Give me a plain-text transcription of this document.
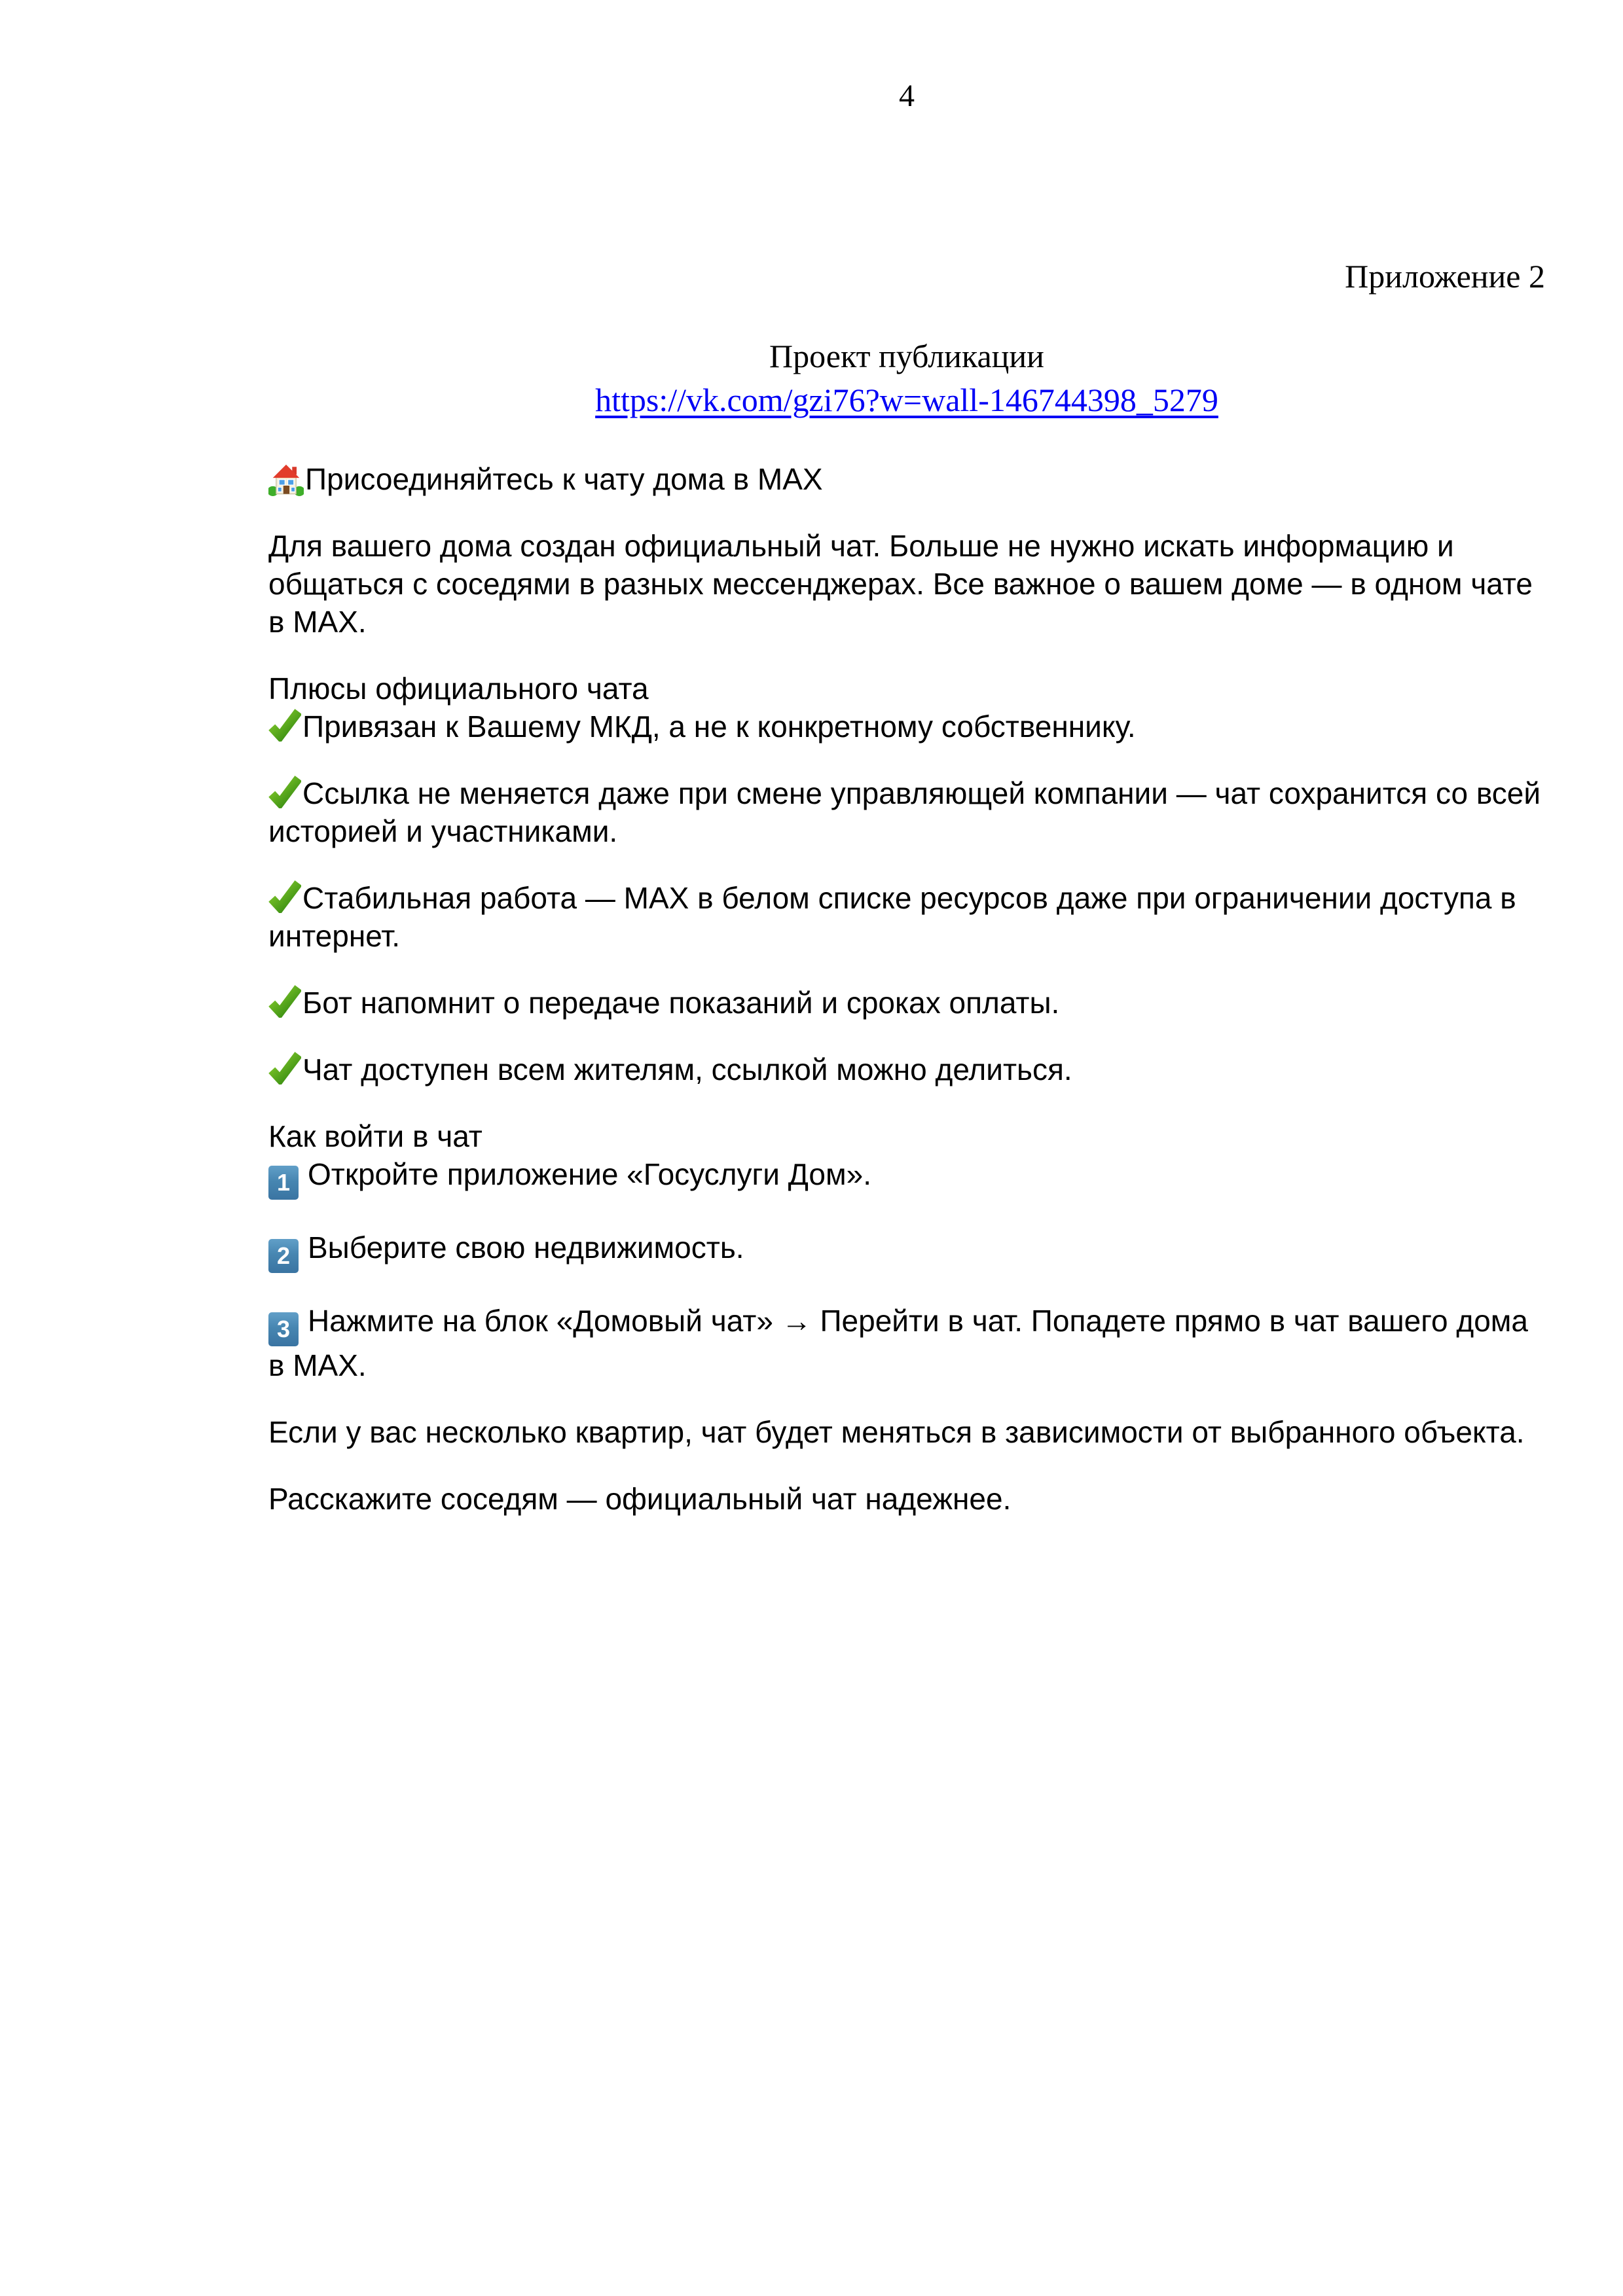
4
Приложение 2
Проект публикации
https://vk.com/gzi76?w=wall-146744398_5279

Присоединяйтесь к чату дома в MAX

Для вашего дома создан официальный чат. Больше не нужно искать информацию и общаться с соседями в разных мессенджерах. Все важное о вашем доме — в одном чате в MAX.

Плюсы официального чата

Привязан к Вашему МКД, а не к конкретному собственнику.

Ссылка не меняется даже при смене управляющей компании — чат сохранится со всей историей и участниками.

Стабильная работа — MAX в белом списке ресурсов даже при ограничении доступа в интернет.

Бот напомнит о передаче показаний и сроках оплаты.

Чат доступен всем жителям, ссылкой можно делиться.

Как войти в чат
1 Откройте приложение «Госуслуги Дом».

2 Выберите свою недвижимость.

3 Нажмите на блок «Домовый чат» → Перейти в чат. Попадете прямо в чат вашего дома в MAX.

Если у вас несколько квартир, чат будет меняться в зависимости от выбранного объекта.

Расскажите соседям — официальный чат надежнее.
